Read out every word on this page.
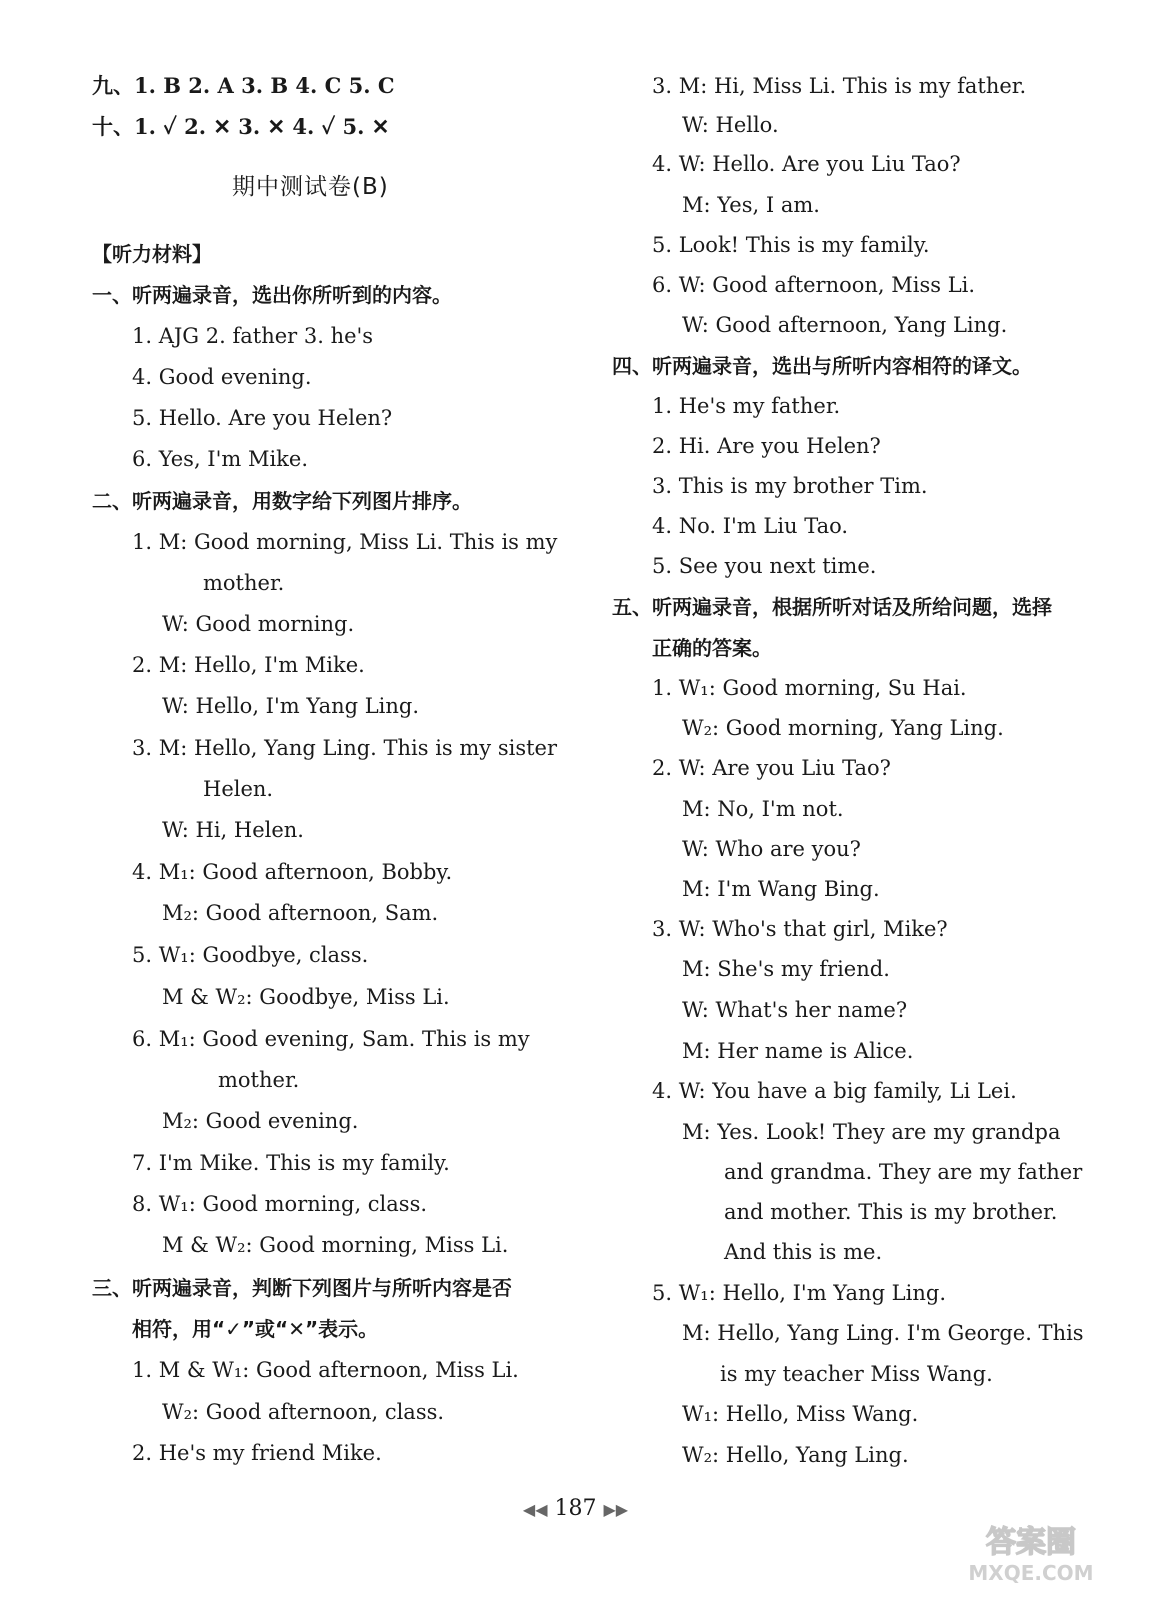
九、1. B 2. A 3. B 4. C 5. C
十、1. ✓ 2. ✕ 3. ✕ 4. ✓ 5. ✕
期中测试卷(B)
【听力材料】
一、听两遍录音，选出你所听到的内容。
1. AJG 2. father 3. he's
4. Good evening.
5. Hello. Are you Helen?
6. Yes, I'm Mike.
二、听两遍录音，用数字给下列图片排序。
1. M: Good morning, Miss Li. This is my
mother.
W: Good morning.
2. M: Hello, I'm Mike.
W: Hello, I'm Yang Ling.
3. M: Hello, Yang Ling. This is my sister
Helen.
W: Hi, Helen.
4. M₁: Good afternoon, Bobby.
M₂: Good afternoon, Sam.
5. W₁: Goodbye, class.
M & W₂: Goodbye, Miss Li.
6. M₁: Good evening, Sam. This is my
mother.
M₂: Good evening.
7. I'm Mike. This is my family.
8. W₁: Good morning, class.
M & W₂: Good morning, Miss Li.
三、听两遍录音，判断下列图片与所听内容是否
相符，用“✓”或“✕”表示。
1. M & W₁: Good afternoon, Miss Li.
W₂: Good afternoon, class.
2. He's my friend Mike.
3. M: Hi, Miss Li. This is my father.
W: Hello.
4. W: Hello. Are you Liu Tao?
M: Yes, I am.
5. Look! This is my family.
6. W: Good afternoon, Miss Li.
W: Good afternoon, Yang Ling.
四、听两遍录音，选出与所听内容相符的译文。
1. He's my father.
2. Hi. Are you Helen?
3. This is my brother Tim.
4. No. I'm Liu Tao.
5. See you next time.
五、听两遍录音，根据所听对话及所给问题，选择
正确的答案。
1. W₁: Good morning, Su Hai.
W₂: Good morning, Yang Ling.
2. W: Are you Liu Tao?
M: No, I'm not.
W: Who are you?
M: I'm Wang Bing.
3. W: Who's that girl, Mike?
M: She's my friend.
W: What's her name?
M: Her name is Alice.
4. W: You have a big family, Li Lei.
M: Yes. Look! They are my grandpa
and grandma. They are my father
and mother. This is my brother.
And this is me.
5. W₁: Hello, I'm Yang Ling.
M: Hello, Yang Ling. I'm George. This
is my teacher Miss Wang.
W₁: Hello, Miss Wang.
W₂: Hello, Yang Ling.
◀◀ 187 ▶▶
答案圈
MXQE.COM
